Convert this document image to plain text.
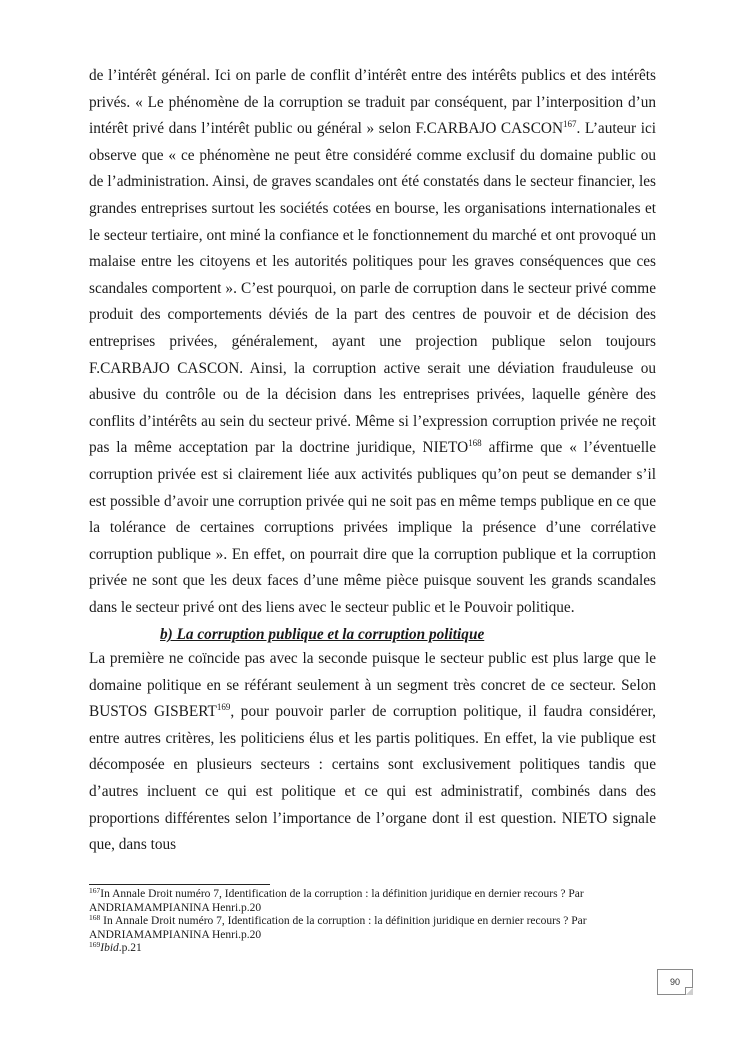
de l’intérêt général. Ici on parle de conflit d’intérêt entre des intérêts publics et des intérêts privés. « Le phénomène de la corruption se traduit par conséquent, par l’interposition d’un intérêt privé dans l’intérêt public ou général » selon F.CARBAJO CASCON$^{167}$. L’auteur ici observe que « ce phénomène ne peut être considéré comme exclusif du domaine public ou de l’administration. Ainsi, de graves scandales ont été constatés dans le secteur financier, les grandes entreprises surtout les sociétés cotées en bourse, les organisations internationales et le secteur tertiaire, ont miné la confiance et le fonctionnement du marché et ont provoqué un malaise entre les citoyens et les autorités politiques pour les graves conséquences que ces scandales comportent ». C’est pourquoi, on parle de corruption dans le secteur privé comme produit des comportements déviés de la part des centres de pouvoir et de décision des entreprises privées, généralement, ayant une projection publique selon toujours F.CARBAJO CASCON. Ainsi, la corruption active serait une déviation frauduleuse ou abusive du contrôle ou de la décision dans les entreprises privées, laquelle génère des conflits d’intérêts au sein du secteur privé. Même si l’expression corruption privée ne reçoit pas la même acceptation par la doctrine juridique, NIETO$^{168}$ affirme que « l’éventuelle corruption privée est si clairement liée aux activités publiques qu’on peut se demander s’il est possible d’avoir une corruption privée qui ne soit pas en même temps publique en ce que la tolérance de certaines corruptions privées implique la présence d’une corrélative corruption publique ». En effet, on pourrait dire que la corruption publique et la corruption privée ne sont que les deux faces d’une même pièce puisque souvent les grands scandales dans le secteur privé ont des liens avec le secteur public et le Pouvoir politique.

b) La corruption publique et la corruption politique

La première ne coïncide pas avec la seconde puisque le secteur public est plus large que le domaine politique en se référant seulement à un segment très concret de ce secteur. Selon BUSTOS GISBERT$^{169}$, pour pouvoir parler de corruption politique, il faudra considérer, entre autres critères, les politiciens élus et les partis politiques. En effet, la vie publique est décomposée en plusieurs secteurs : certains sont exclusivement politiques tandis que d’autres incluent ce qui est politique et ce qui est administratif, combinés dans des proportions différentes selon l’importance de l’organe dont il est question. NIETO signale que, dans tous

$^{167}$In Annale Droit numéro 7, Identification de la corruption : la définition juridique en dernier recours ? Par ANDRIAMAMPIANINA Henri.p.20

$^{168}$ In Annale Droit numéro 7, Identification de la corruption : la définition juridique en dernier recours ? Par ANDRIAMAMPIANINA Henri.p.20

$^{169}$Ibid.p.21

90
